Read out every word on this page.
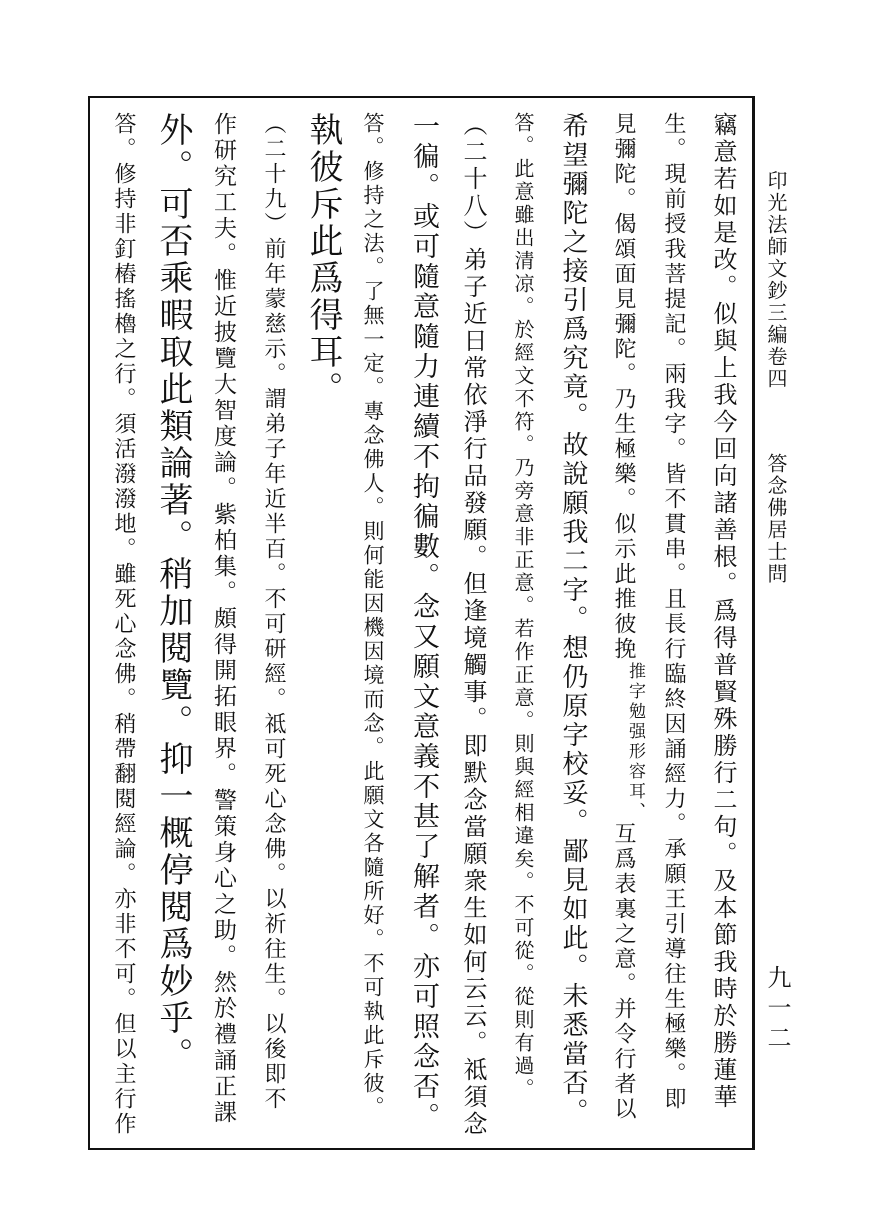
印光法師文鈔三編卷四
答念佛居士問
九一二
竊意若如是改。似與上我今回向諸善根。爲得普賢殊勝行二句。及本節我時於勝蓮華
生。現前授我菩提記。兩我字。皆不貫串。且長行臨終因誦經力。承願王引導往生極樂。即
見彌陀。偈頌面見彌陀。乃生極樂。似示此推彼挽推字勉强形容耳、互爲表裏之意。并令行者以
希望彌陀之接引爲究竟。故說願我二字。想仍原字校妥。鄙見如此。未悉當否。
答。此意雖出清凉。於經文不符。乃旁意非正意。若作正意。則與經相違矣。不可從。從則有過。
（二十八）弟子近日常依淨行品發願。但逢境觸事。即默念當願衆生如何云云。祗須念
一徧。或可隨意隨力連續不拘徧數。念又願文意義不甚了解者。亦可照念否。
答。修持之法。了無一定。專念佛人。則何能因機因境而念。此願文各隨所好。不可執此斥彼。
執彼斥此爲得耳。
（二十九）前年蒙慈示。謂弟子年近半百。不可研經。祗可死心念佛。以祈往生。以後即不
作研究工夫。惟近披覽大智度論。紫柏集。頗得開拓眼界。警策身心之助。然於禮誦正課
外。可否乘暇取此類論著。稍加閱覽。抑一概停閱爲妙乎。
答。修持非釘樁搖櫓之行。須活潑潑地。雖死心念佛。稍帶翻閱經論。亦非不可。但以主行作
